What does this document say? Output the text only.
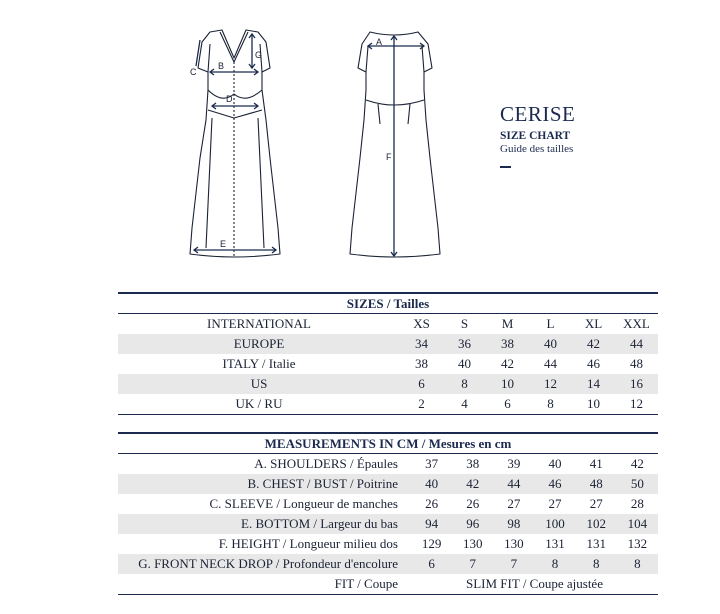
G
B
C
D
E
A
F
CERISE
SIZE CHART
Guide des tailles
SIZES / Tailles						
INTERNATIONAL	XS	S	M	L	XL	XXL
EUROPE	34	36	38	40	42	44
ITALY / Italie	38	40	42	44	46	48
US	6	8	10	12	14	16
UK / RU	2	4	6	8	10	12
MEASUREMENTS IN CM / Mesures en cm						
A. SHOULDERS / Épaules	37	38	39	40	41	42
B. CHEST / BUST / Poitrine	40	42	44	46	48	50
C. SLEEVE / Longueur de manches	26	26	27	27	27	28
E. BOTTOM / Largeur du bas	94	96	98	100	102	104
F. HEIGHT / Longueur milieu dos	129	130	130	131	131	132
G. FRONT NECK DROP / Profondeur d'encolure	6	7	7	8	8	8
FIT / Coupe	SLIM FIT / Coupe ajustée					
